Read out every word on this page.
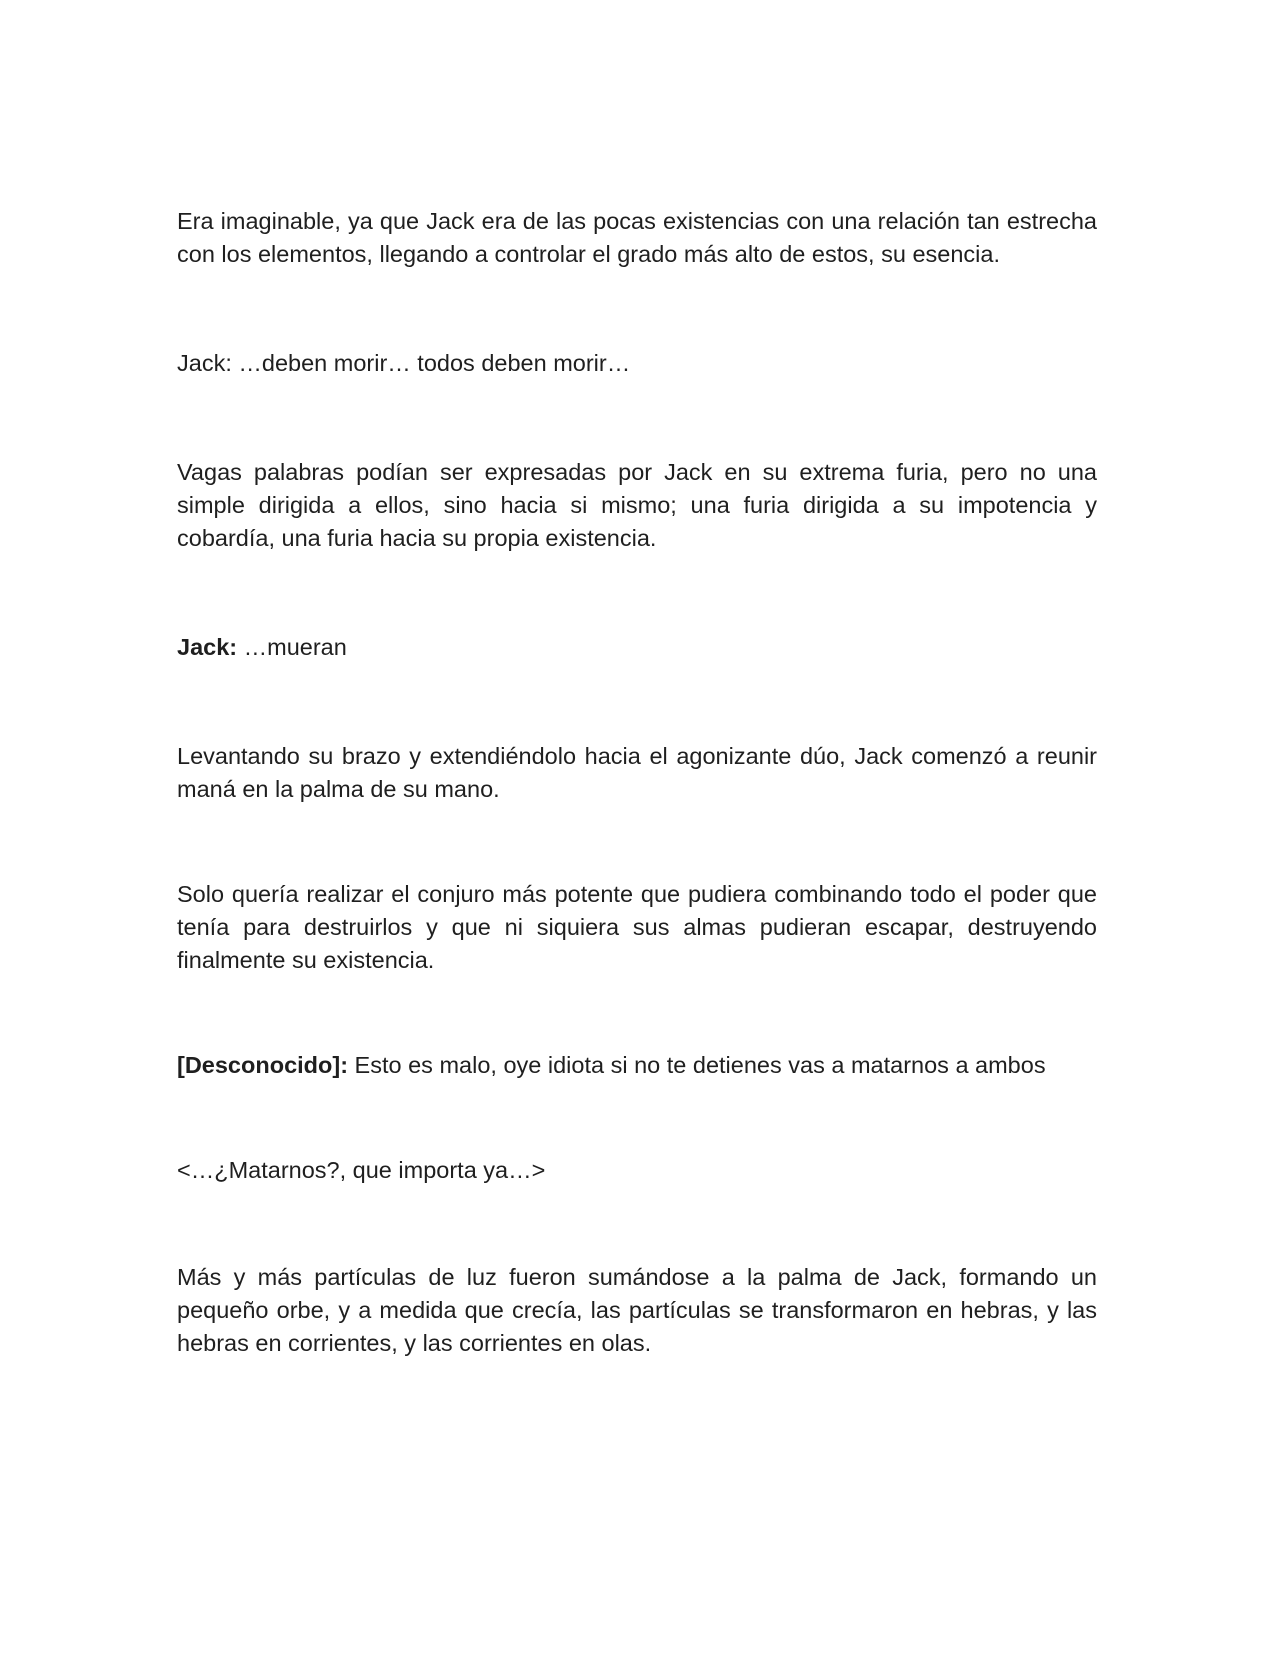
Era imaginable, ya que Jack era de las pocas existencias con una relación tan estrecha con los elementos, llegando a controlar el grado más alto de estos, su esencia.

Jack: …deben morir… todos deben morir…

Vagas palabras podían ser expresadas por Jack en su extrema furia, pero no una simple dirigida a ellos, sino hacia si mismo; una furia dirigida a su impotencia y cobardía, una furia hacia su propia existencia.

Jack: …mueran

Levantando su brazo y extendiéndolo hacia el agonizante dúo, Jack comenzó a reunir maná en la palma de su mano.

Solo quería realizar el conjuro más potente que pudiera combinando todo el poder que tenía para destruirlos y que ni siquiera sus almas pudieran escapar, destruyendo finalmente su existencia.

[Desconocido]: Esto es malo, oye idiota si no te detienes vas a matarnos a ambos

<…¿Matarnos?, que importa ya…>

Más y más partículas de luz fueron sumándose a la palma de Jack, formando un pequeño orbe, y a medida que crecía, las partículas se transformaron en hebras, y las hebras en corrientes, y las corrientes en olas.
